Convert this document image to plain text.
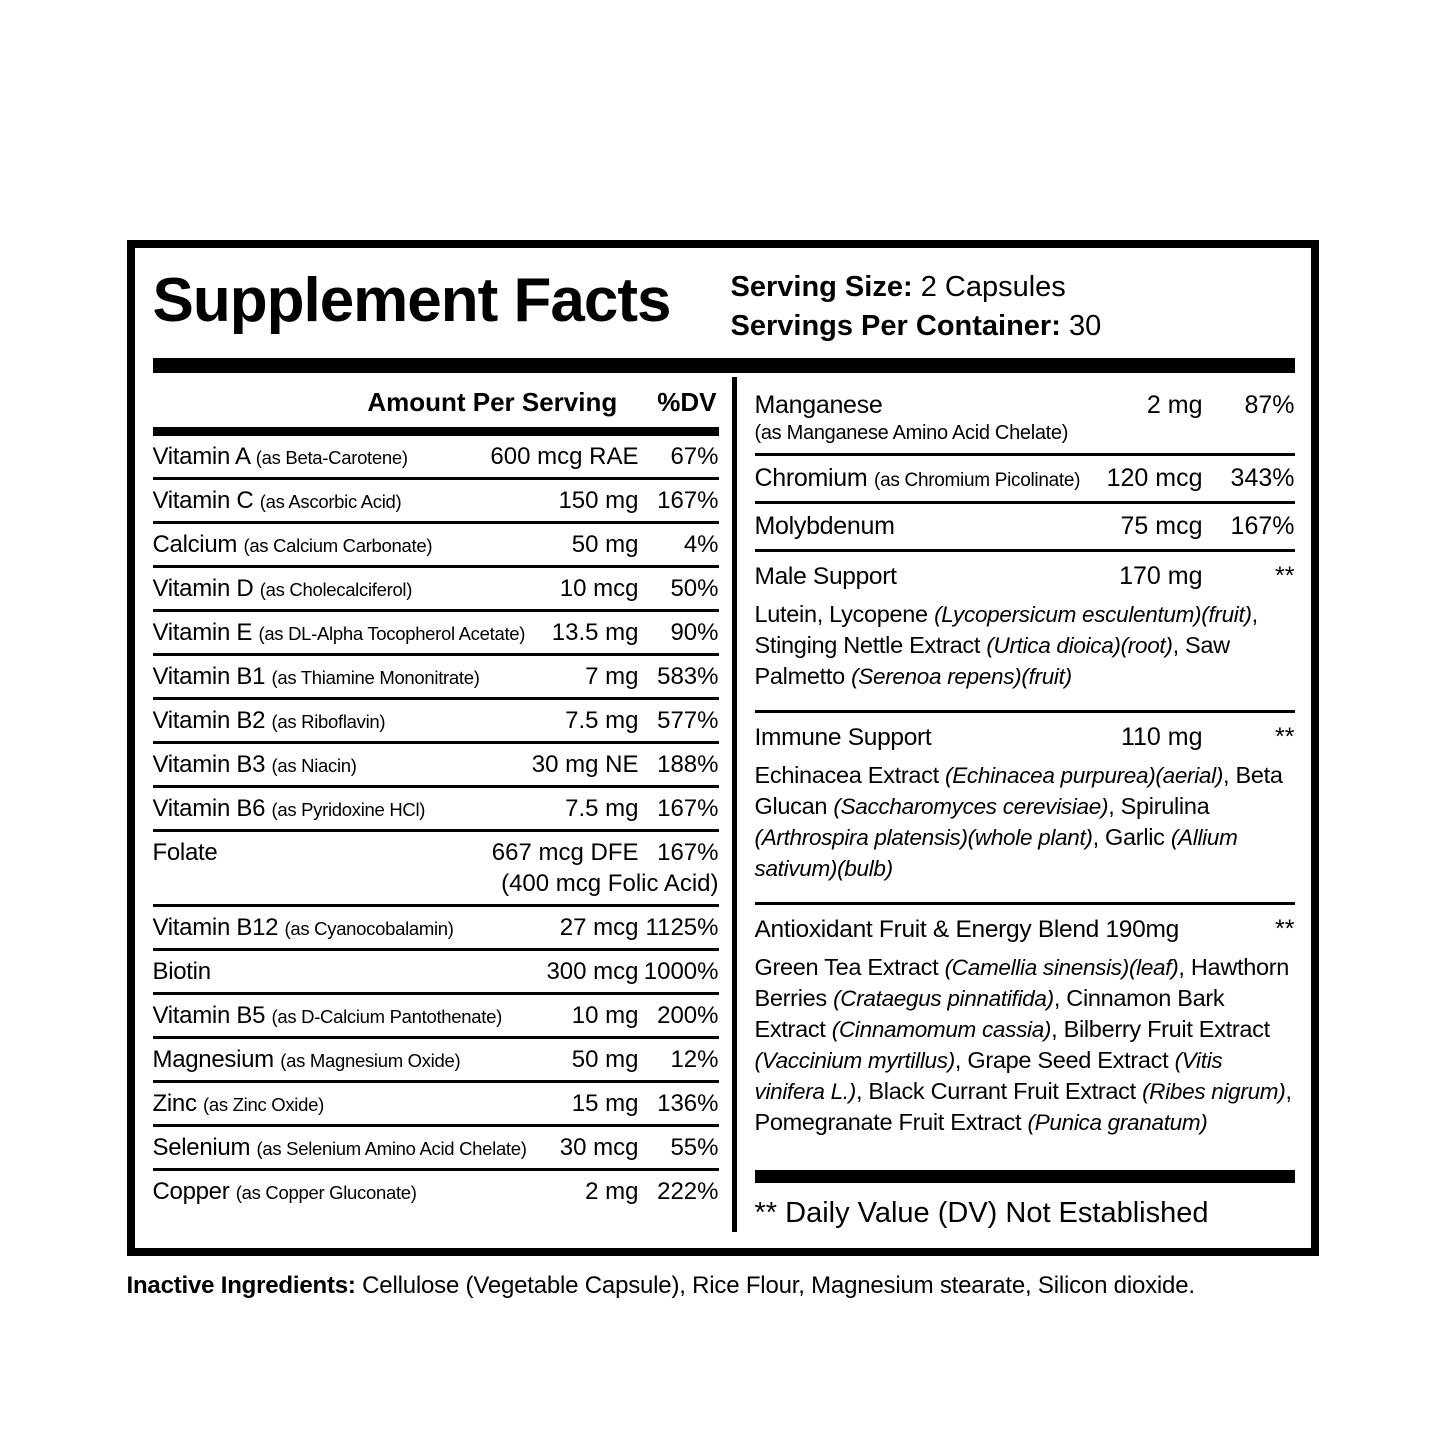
Supplement Facts	Serving Size: 2 Capsules
Servings Per Container: 30
Amount Per Serving %DV
Vitamin A (as Beta-Carotene)	600 mcg RAE	67%
Vitamin C (as Ascorbic Acid)	150 mg 167%
Calcium (as Calcium Carbonate)	50 mg	4%
Vitamin D (as Cholecalciferol)	10 mcg	50%
Vitamin E (as DL-Alpha Tocopherol Acetate)	13.5 mg	90%
Vitamin B1 (as Thiamine Mononitrate)	7 mg 583%
Vitamin B2 (as Riboflavin)	7.5 mg 577%
Vitamin B3 (as Niacin)	30 mg NE 188%
Vitamin B6 (as Pyridoxine HCl)	7.5 mg 167%
Folate	667 mcg DFE 167%
(400 mcg Folic Acid)
Vitamin B12 (as Cyanocobalamin)	27 mcg 1125%
Biotin	300 mcg 1000%
Vitamin B5 (as D-Calcium Pantothenate)	10 mg 200%
Magnesium (as Magnesium Oxide)	50 mg	12%
Zinc (as Zinc Oxide)	15 mg 136%
Selenium (as Selenium Amino Acid Chelate)	30 mcg	55%
Copper (as Copper Gluconate)	2 mg 222%
Manganese	2 mg	87%
(as Manganese Amino Acid Chelate)
Chromium (as Chromium Picolinate)	120 mcg	343%
Molybdenum	75 mcg	167%
Male Support	170 mg	**
Lutein, Lycopene (Lycopersicum esculentum)(fruit), Stinging Nettle Extract (Urtica dioica)(root), Saw Palmetto (Serenoa repens)(fruit)
Immune Support	110 mg	**
Echinacea Extract (Echinacea purpurea)(aerial), Beta Glucan (Saccharomyces cerevisiae), Spirulina (Arthrospira platensis)(whole plant), Garlic (Allium sativum)(bulb)
Antioxidant Fruit & Energy Blend 190mg	**
Green Tea Extract (Camellia sinensis)(leaf), Hawthorn Berries (Crataegus pinnatifida), Cinnamon Bark Extract (Cinnamomum cassia), Bilberry Fruit Extract (Vaccinium myrtillus), Grape Seed Extract (Vitis vinifera L.), Black Currant Fruit Extract (Ribes nigrum), Pomegranate Fruit Extract (Punica granatum)
** Daily Value (DV) Not Established
Inactive Ingredients: Cellulose (Vegetable Capsule), Rice Flour, Magnesium stearate, Silicon dioxide.
